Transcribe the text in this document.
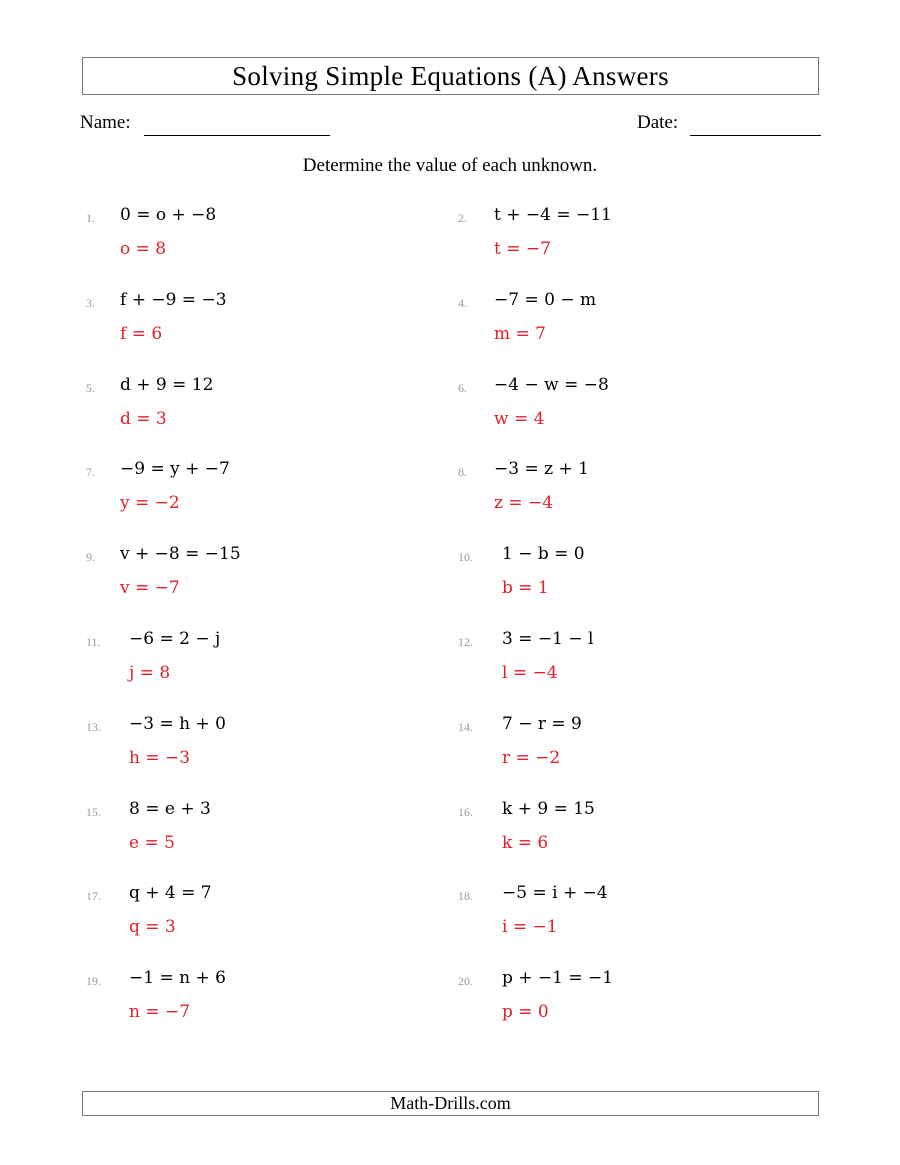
Solving Simple Equations (A) Answers
Name:	Date:
Determine the value of each unknown.
1. 0 = o + −8
o = 8
2. t + −4 = −11
t = −7
3. f + −9 = −3
f = 6
4. −7 = 0 − m
m = 7
5. d + 9 = 12
d = 3
6. −4 − w = −8
w = 4
7. −9 = y + −7
y = −2
8. −3 = z + 1
z = −4
9. v + −8 = −15
v = −7
10. 1 − b = 0
b = 1
11. −6 = 2 − j
j = 8
12. 3 = −1 − l
l = −4
13. −3 = h + 0
h = −3
14. 7 − r = 9
r = −2
15. 8 = e + 3
e = 5
16. k + 9 = 15
k = 6
17. q + 4 = 7
q = 3
18. −5 = i + −4
i = −1
19. −1 = n + 6
n = −7
20. p + −1 = −1
p = 0
Math-Drills.com
